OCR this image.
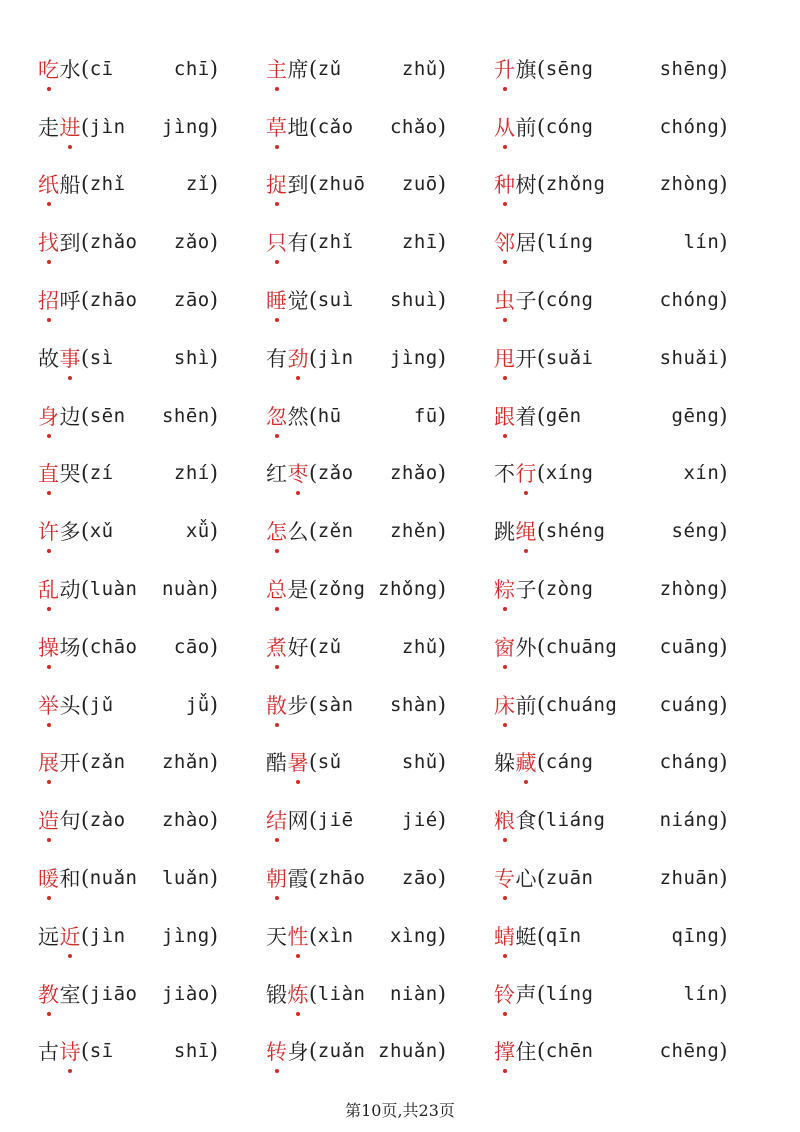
吃 水 ( cī	chī ) 主 席 ( zǔ	zhǔ ) 升 旗 ( sēng	shēng )
走 进 ( jìn jìng ) 草 地 ( cǎo chǎo ) 从 前 ( cóng	chóng )
纸 船 ( zhǐ	zǐ ) 捉 到 ( zhuō zuō ) 种 树 ( zhǒng	zhòng )
找 到 ( zhǎo zǎo ) 只 有 ( zhǐ	zhī ) 邻 居 ( líng	lín )
招 呼 ( zhāo zāo ) 睡 觉 ( suì shuì ) 虫 子 ( cóng	chóng )
故 事 ( sì	shì ) 有 劲 ( jìn jìng ) 甩 开 ( suǎi	shuǎi )
身 边 ( sēn shēn ) 忽 然 ( hū	fū ) 跟 着 ( gēn	gēng )
直 哭 ( zí	zhí ) 红 枣 ( zǎo zhǎo ) 不 行 ( xíng	xín )
许 多 ( xǔ	xǚ ) 怎 么 ( zěn zhěn ) 跳 绳 ( shéng	séng )
乱 动 ( luàn nuàn ) 总 是 ( zǒng zhǒng ) 粽 子 ( zòng	zhòng )
操 场 ( chāo cāo ) 煮 好 ( zǔ	zhǔ ) 窗 外 ( chuāng cuāng )
举 头 ( jǔ	jǚ ) 散 步 ( sàn shàn ) 床 前 ( chuáng cuáng )
展 开 ( zǎn zhǎn ) 酷 暑 ( sǔ	shǔ ) 躲 藏 ( cáng	cháng )
造 句 ( zào zhào ) 结 网 ( jiē	jié ) 粮 食 ( liáng	niáng )
暖 和 ( nuǎn luǎn ) 朝 霞 ( zhāo zāo ) 专 心 ( zuān	zhuān )
远 近 ( jìn jìng ) 天 性 ( xìn xìng ) 蜻 蜓 ( qīn	qīng )
教 室 ( jiāo jiào ) 锻 炼 ( liàn niàn ) 铃 声 ( líng	lín )
古 诗 ( sī	shī ) 转 身 ( zuǎn zhuǎn ) 撑 住 ( chēn	chēng )
第10页,共23页
